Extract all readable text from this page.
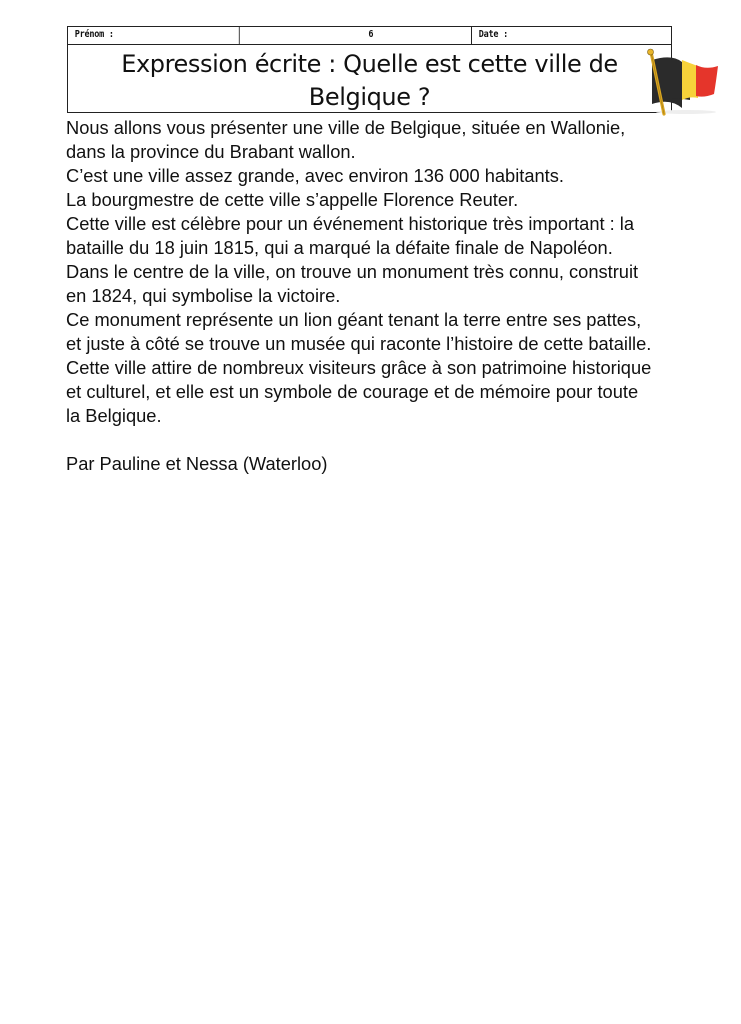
Prénom :	6	Date :
Expression écrite : Quelle est cette ville de Belgique ?

Nous allons vous présenter une ville de Belgique, située en Wallonie,

dans la province du Brabant wallon.

C’est une ville assez grande, avec environ 136 000 habitants.

La bourgmestre de cette ville s’appelle Florence Reuter.

Cette ville est célèbre pour un événement historique très important : la

bataille du 18 juin 1815, qui a marqué la défaite finale de Napoléon.

Dans le centre de la ville, on trouve un monument très connu, construit

en 1824, qui symbolise la victoire.

Ce monument représente un lion géant tenant la terre entre ses pattes,

et juste à côté se trouve un musée qui raconte l’histoire de cette bataille.

Cette ville attire de nombreux visiteurs grâce à son patrimoine historique

et culturel, et elle est un symbole de courage et de mémoire pour toute

la Belgique.

Par Pauline et Nessa (Waterloo)
